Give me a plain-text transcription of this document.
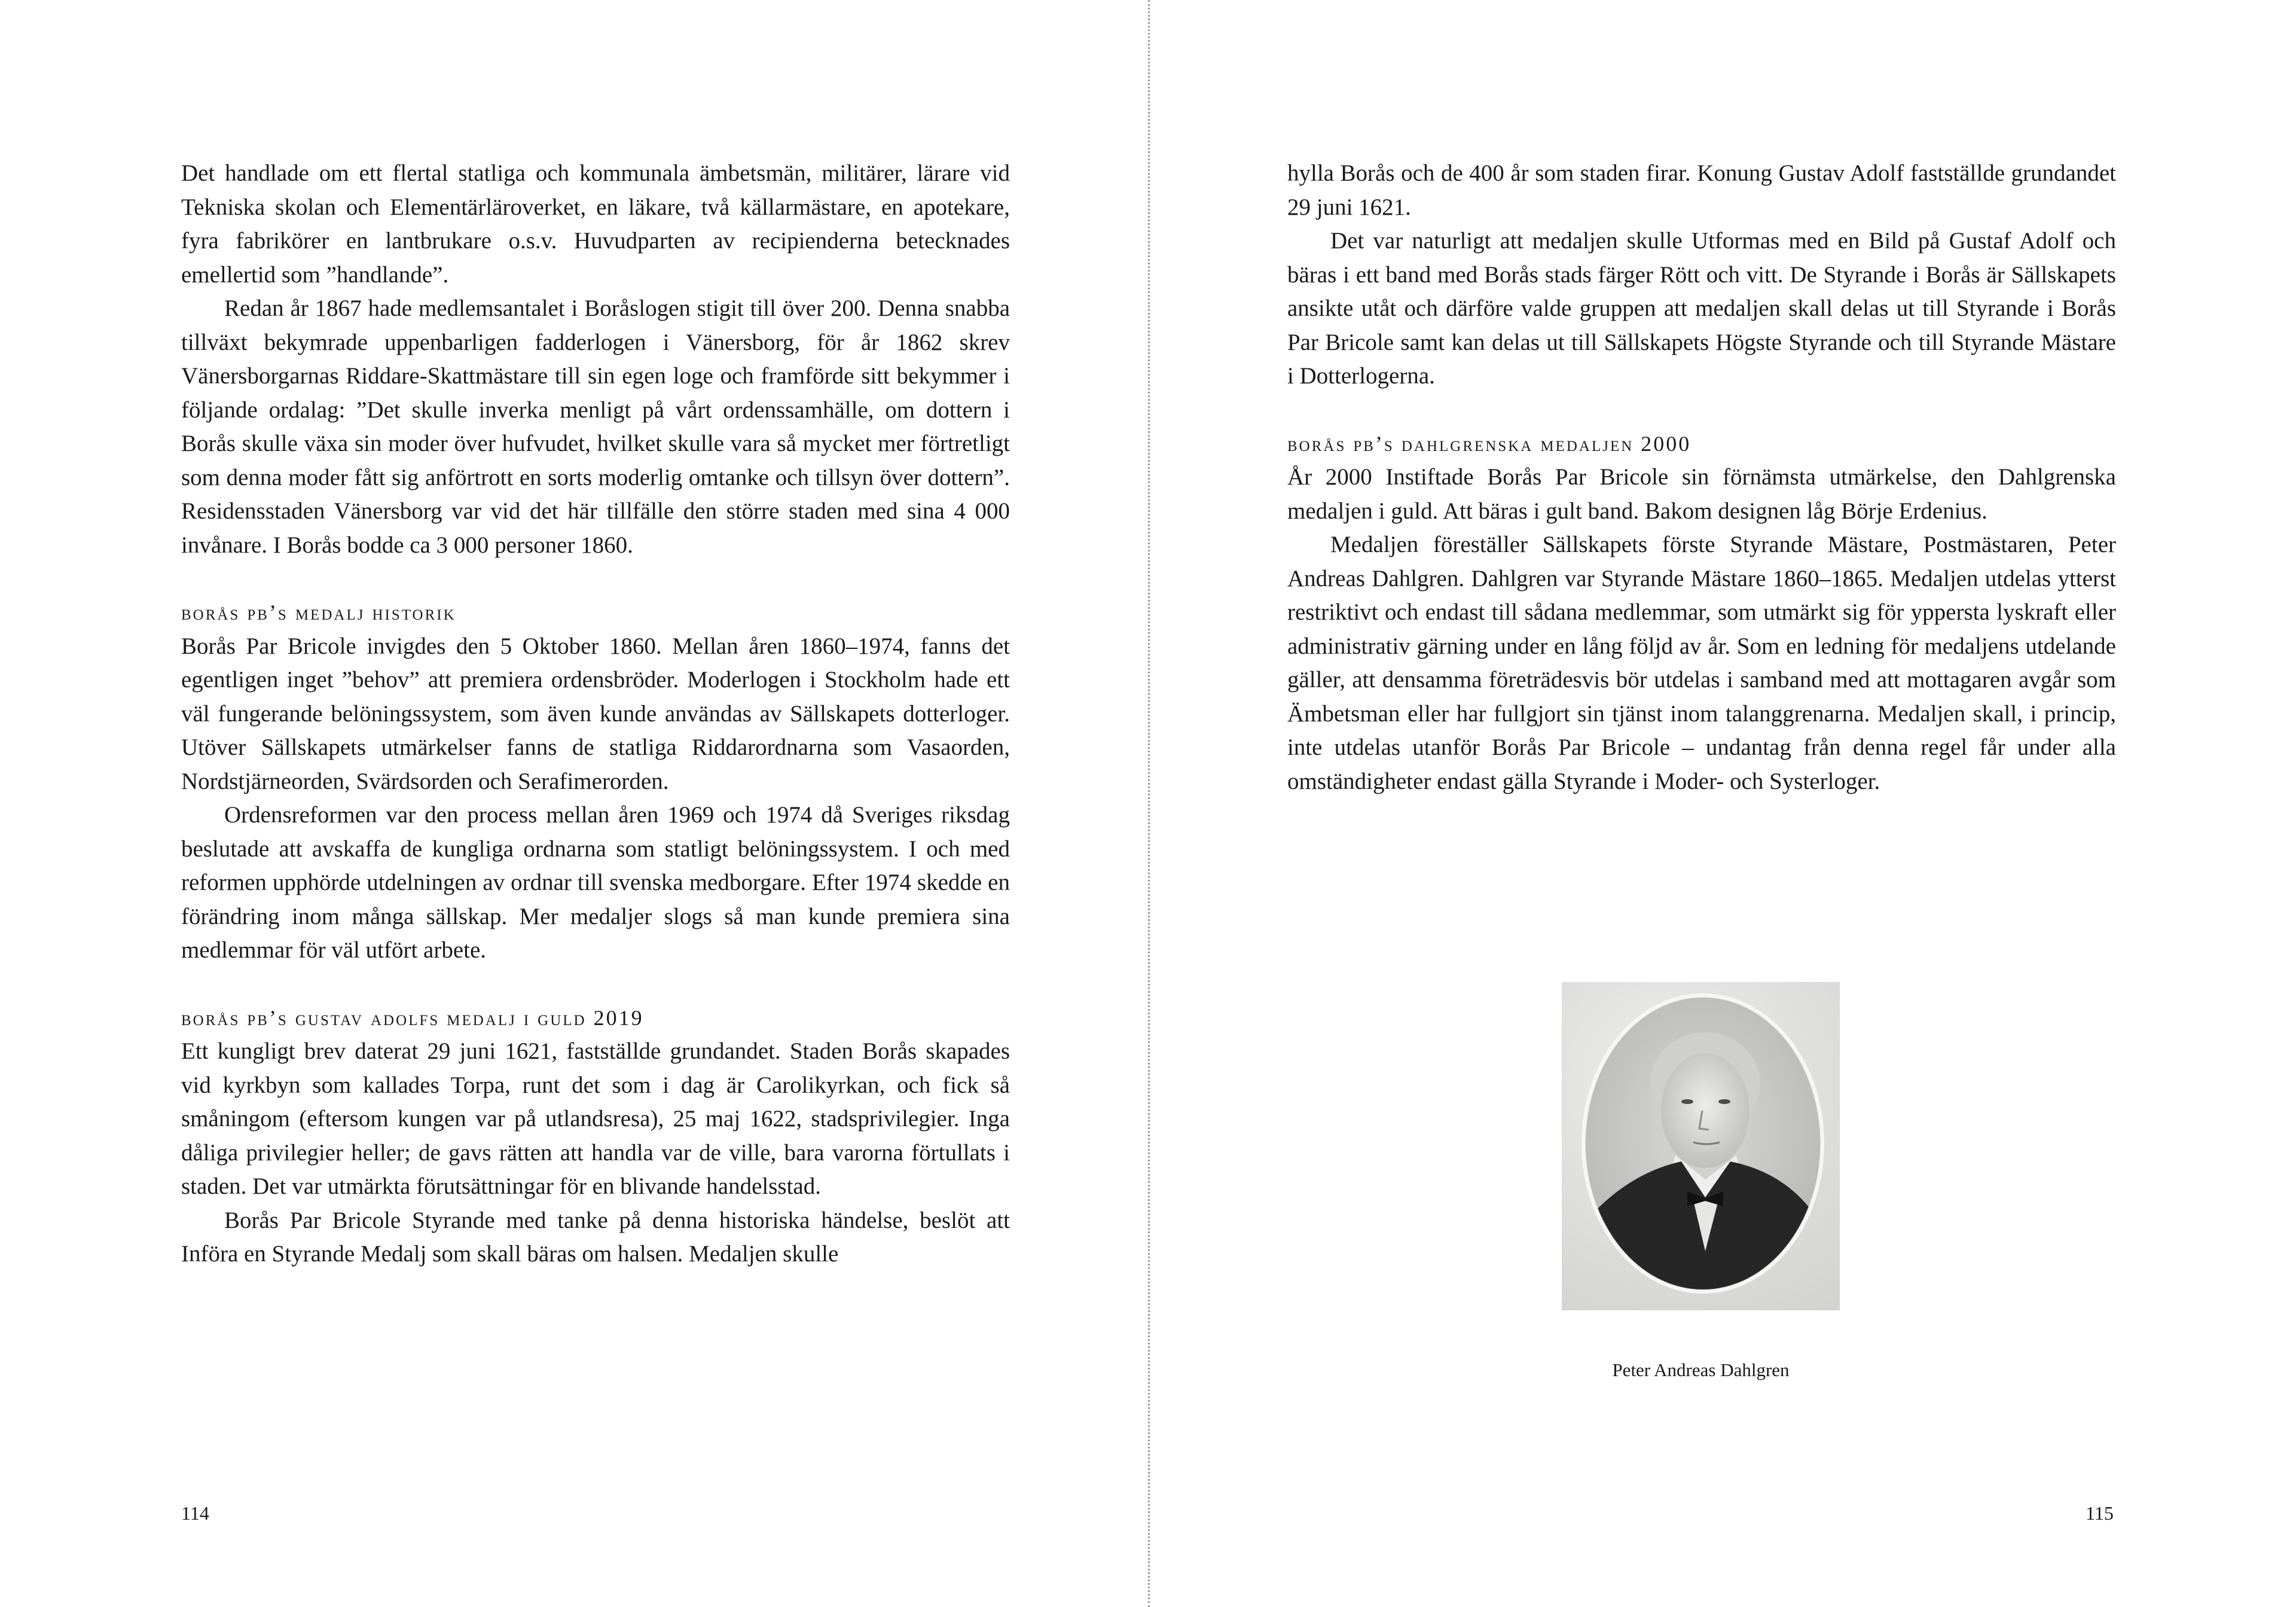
Det handlade om ett flertal statliga och kommunala ämbetsmän, militärer, lärare vid Tekniska skolan och Elementärläroverket, en läkare, två källarmästare, en apotekare, fyra fabrikörer en lantbrukare o.s.v. Huvudparten av recipienderna betecknades emellertid som ”handlande”.

Redan år 1867 hade medlemsantalet i Boråslogen stigit till över 200. Denna snabba tillväxt bekymrade uppenbarligen fadderlogen i Vänersborg, för år 1862 skrev Vänersborgarnas Riddare-Skattmästare till sin egen loge och framförde sitt bekymmer i följande ordalag: ”Det skulle inverka menligt på vårt ordenssamhälle, om dottern i Borås skulle växa sin moder över hufvudet, hvilket skulle vara så mycket mer förtretligt som denna moder fått sig anförtrott en sorts moderlig omtanke och tillsyn över dottern”. Residensstaden Vänersborg var vid det här tillfälle den större staden med sina 4 000 invånare. I Borås bodde ca 3 000 personer 1860.

borås pb’s medalj historik

Borås Par Bricole invigdes den 5 Oktober 1860. Mellan åren 1860–1974, fanns det egentligen inget ”behov” att premiera ordensbröder. Moderlogen i Stockholm hade ett väl fungerande belöningssystem, som även kunde användas av Sällskapets dotterloger. Utöver Sällskapets utmärkelser fanns de statliga Riddarordnarna som Vasaorden, Nordstjärneorden, Svärdsorden och Serafimerorden.

Ordensreformen var den process mellan åren 1969 och 1974 då Sveriges riksdag beslutade att avskaffa de kungliga ordnarna som statligt belöningssystem. I och med reformen upphörde utdelningen av ordnar till svenska medborgare. Efter 1974 skedde en förändring inom många sällskap. Mer medaljer slogs så man kunde premiera sina medlemmar för väl utfört arbete.

borås pb’s gustav adolfs medalj i guld 2019

Ett kungligt brev daterat 29 juni 1621, fastställde grundandet. Staden Borås skapades vid kyrkbyn som kallades Torpa, runt det som i dag är Carolikyrkan, och fick så småningom (eftersom kungen var på utlandsresa), 25 maj 1622, stadsprivilegier. Inga dåliga privilegier heller; de gavs rätten att handla var de ville, bara varorna förtullats i staden. Det var utmärkta förutsättningar för en blivande handelsstad.

Borås Par Bricole Styrande med tanke på denna historiska händelse, beslöt att Införa en Styrande Medalj som skall bäras om halsen. Medaljen skulle

114

hylla Borås och de 400 år som staden firar. Konung Gustav Adolf fastställde grundandet 29 juni 1621.

Det var naturligt att medaljen skulle Utformas med en Bild på Gustaf Adolf och bäras i ett band med Borås stads färger Rött och vitt. De Styrande i Borås är Sällskapets ansikte utåt och därföre valde gruppen att medaljen skall delas ut till Styrande i Borås Par Bricole samt kan delas ut till Sällskapets Högste Styrande och till Styrande Mästare i Dotterlogerna.

borås pb’s dahlgrenska medaljen 2000

År 2000 Instiftade Borås Par Bricole sin förnämsta utmärkelse, den Dahlgrenska medaljen i guld. Att bäras i gult band. Bakom designen låg Börje Erdenius.

Medaljen föreställer Sällskapets förste Styrande Mästare, Postmästaren, Peter Andreas Dahlgren. Dahlgren var Styrande Mästare 1860–1865. Medaljen utdelas ytterst restriktivt och endast till sådana medlemmar, som utmärkt sig för yppersta lyskraft eller administrativ gärning under en lång följd av år. Som en ledning för medaljens utdelande gäller, att densamma företrädesvis bör utdelas i samband med att mottagaren avgår som Ämbetsman eller har fullgjort sin tjänst inom talanggrenarna. Medaljen skall, i princip, inte utdelas utanför Borås Par Bricole – undantag från denna regel får under alla omständigheter endast gälla Styrande i Moder- och Systerloger.

Peter Andreas Dahlgren
115
